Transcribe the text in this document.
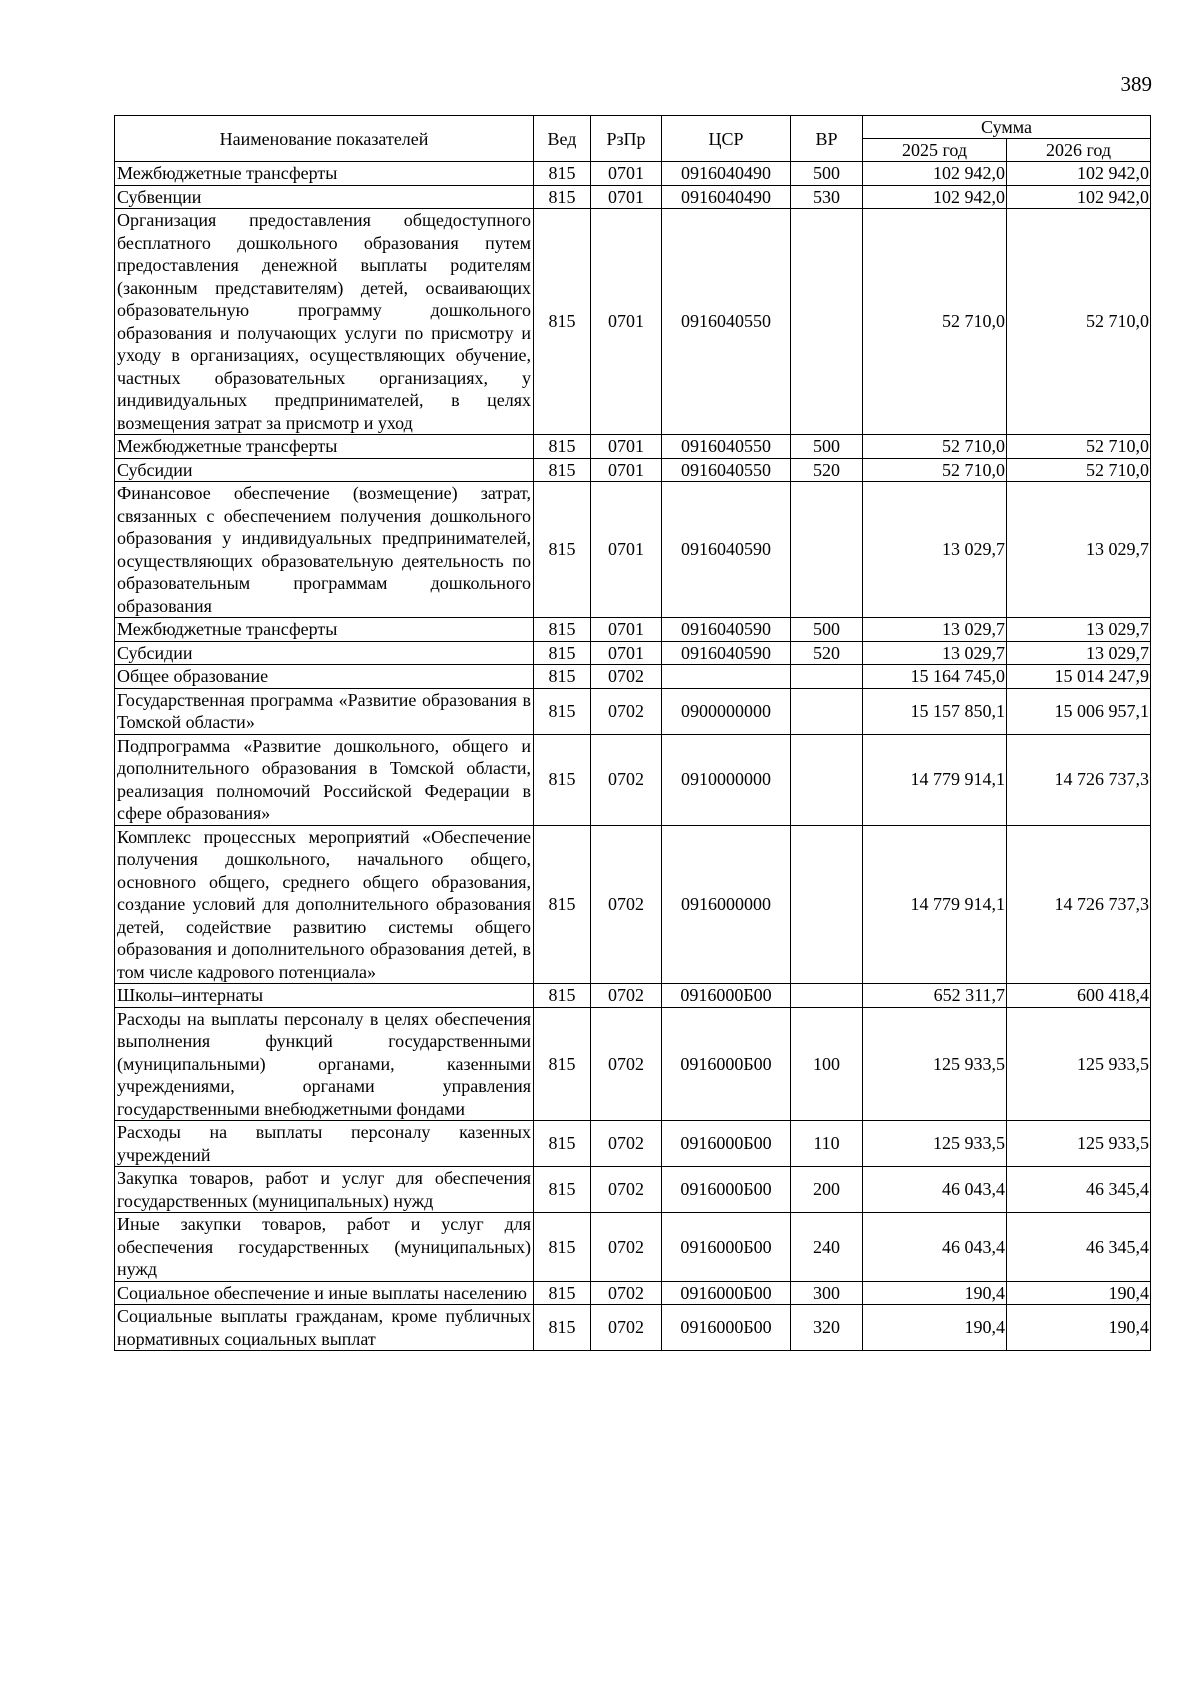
389
Наименование показателей	Вед	РзПр	ЦСР	ВР	Сумма	
					2025 год	2026 год
Межбюджетные трансферты	815	0701	0916040490	500	102 942,0	102 942,0
Субвенции	815	0701	0916040490	530	102 942,0	102 942,0
Организация предоставления общедоступного бесплатного дошкольного образования путем предоставления денежной выплаты родителям (законным представителям) детей, осваивающих образовательную программу дошкольного образования и получающих услуги по присмотру и уходу в организациях, осуществляющих обучение, частных образовательных организациях, у индивидуальных предпринимателей, в целях возмещения затрат за присмотр и уход	815	0701	0916040550		52 710,0	52 710,0
Межбюджетные трансферты	815	0701	0916040550	500	52 710,0	52 710,0
Субсидии	815	0701	0916040550	520	52 710,0	52 710,0
Финансовое обеспечение (возмещение) затрат, связанных с обеспечением получения дошкольного образования у индивидуальных предпринимателей, осуществляющих образовательную деятельность по образовательным программам дошкольного образования	815	0701	0916040590		13 029,7	13 029,7
Межбюджетные трансферты	815	0701	0916040590	500	13 029,7	13 029,7
Субсидии	815	0701	0916040590	520	13 029,7	13 029,7
Общее образование	815	0702			15 164 745,0	15 014 247,9
Государственная программа «Развитие образования в Томской области»	815	0702	0900000000		15 157 850,1	15 006 957,1
Подпрограмма «Развитие дошкольного, общего и дополнительного образования в Томской области, реализация полномочий Российской Федерации в сфере образования»	815	0702	0910000000		14 779 914,1	14 726 737,3
Комплекс процессных мероприятий «Обеспечение получения дошкольного, начального общего, основного общего, среднего общего образования, создание условий для дополнительного образования детей, содействие развитию системы общего образования и дополнительного образования детей, в том числе кадрового потенциала»	815	0702	0916000000		14 779 914,1	14 726 737,3
Школы–интернаты	815	0702	0916000Б00		652 311,7	600 418,4
Расходы на выплаты персоналу в целях обеспечения выполнения функций государственными (муниципальными) органами, казенными учреждениями, органами управления государственными внебюджетными фондами	815	0702	0916000Б00	100	125 933,5	125 933,5
Расходы на выплаты персоналу казенных учреждений	815	0702	0916000Б00	110	125 933,5	125 933,5
Закупка товаров, работ и услуг для обеспечения государственных (муниципальных) нужд	815	0702	0916000Б00	200	46 043,4	46 345,4
Иные закупки товаров, работ и услуг для обеспечения государственных (муниципальных) нужд	815	0702	0916000Б00	240	46 043,4	46 345,4
Социальное обеспечение и иные выплаты населению	815	0702	0916000Б00	300	190,4	190,4
Социальные выплаты гражданам, кроме публичных нормативных социальных выплат	815	0702	0916000Б00	320	190,4	190,4
